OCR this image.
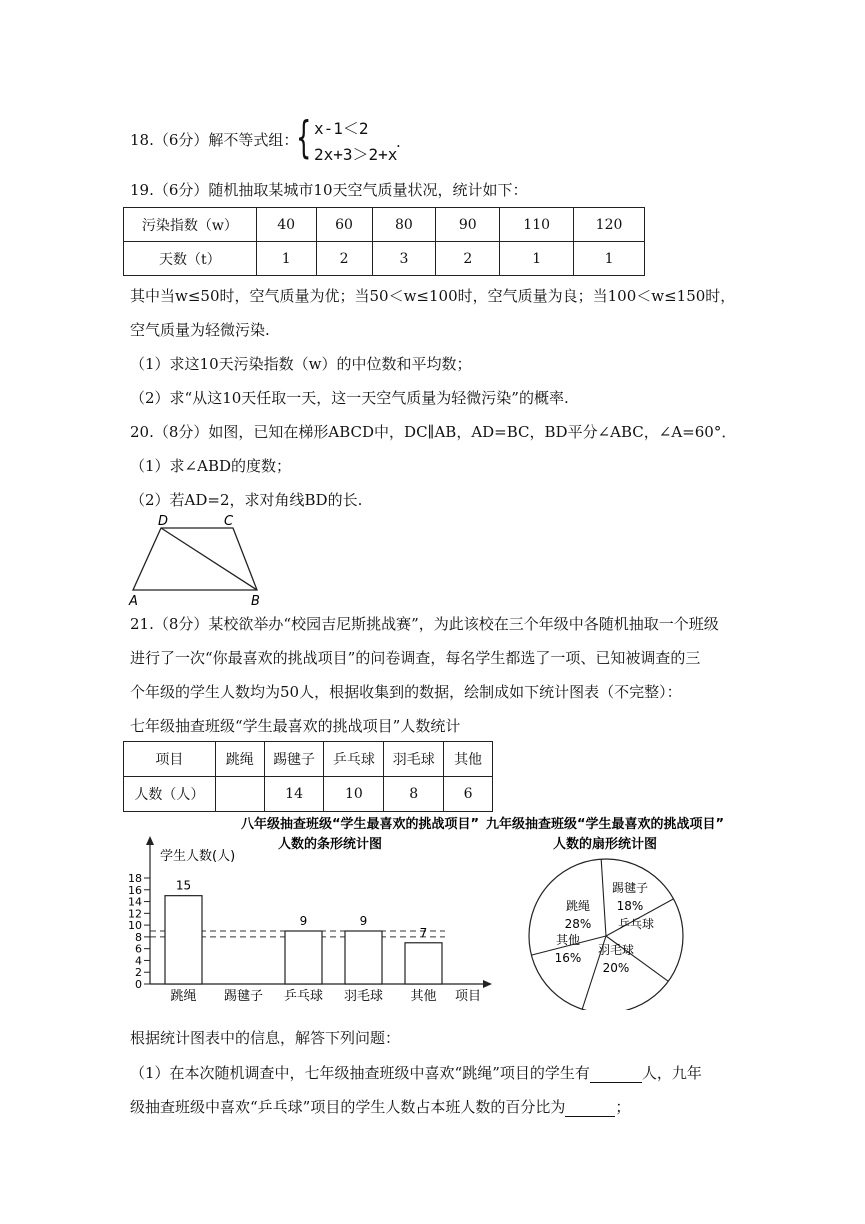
18.（6分）解不等式组：
{ x-1＜2
2x+3＞2+x
.
19.（6分）随机抽取某城市10天空气质量状况，统计如下：
污染指数（w）	40	60	80	90	110	120
天数（t）	1	2	3	2	1	1
其中当w≤50时，空气质量为优；当50＜w≤100时，空气质量为良；当100＜w≤150时，
空气质量为轻微污染.
（1）求这10天污染指数（w）的中位数和平均数；
（2）求“从这10天任取一天，这一天空气质量为轻微污染”的概率.
20.（8分）如图，已知在梯形ABCD中，DC∥AB，AD=BC，BD平分∠ABC，∠A=60°．
（1）求∠ABD的度数；
（2）若AD=2，求对角线BD的长.
D	C
A	B
21.（8分）某校欲举办“校园吉尼斯挑战赛”，为此该校在三个年级中各随机抽取一个班级
进行了一次“你最喜欢的挑战项目”的问卷调查，每名学生都选了一项、已知被调查的三
个年级的学生人数均为50人，根据收集到的数据，绘制成如下统计图表（不完整）：
七年级抽查班级“学生最喜欢的挑战项目”人数统计
项目	跳绳	踢毽子	乒乓球	羽毛球	其他
人数（人）		14	10	8	6
八年级抽查班级“学生最喜欢的挑战项目”
人数的条形统计图
学生人数(人)
项目
0
2
4
6
8
10
12
14
16
18
15
跳绳 踢毽子
9
乒乓球
9
羽毛球
7
其他
九年级抽查班级“学生最喜欢的挑战项目”
人数的扇形统计图
跳绳
28%
踢毽子
18%
乒乓球
羽毛球
20%
其他
16%
根据统计图表中的信息，解答下列问题：
（1）在本次随机调查中，七年级抽查班级中喜欢“跳绳”项目的学生有	人，九年
级抽查班级中喜欢“乒乓球”项目的学生人数占本班人数的百分比为	；
